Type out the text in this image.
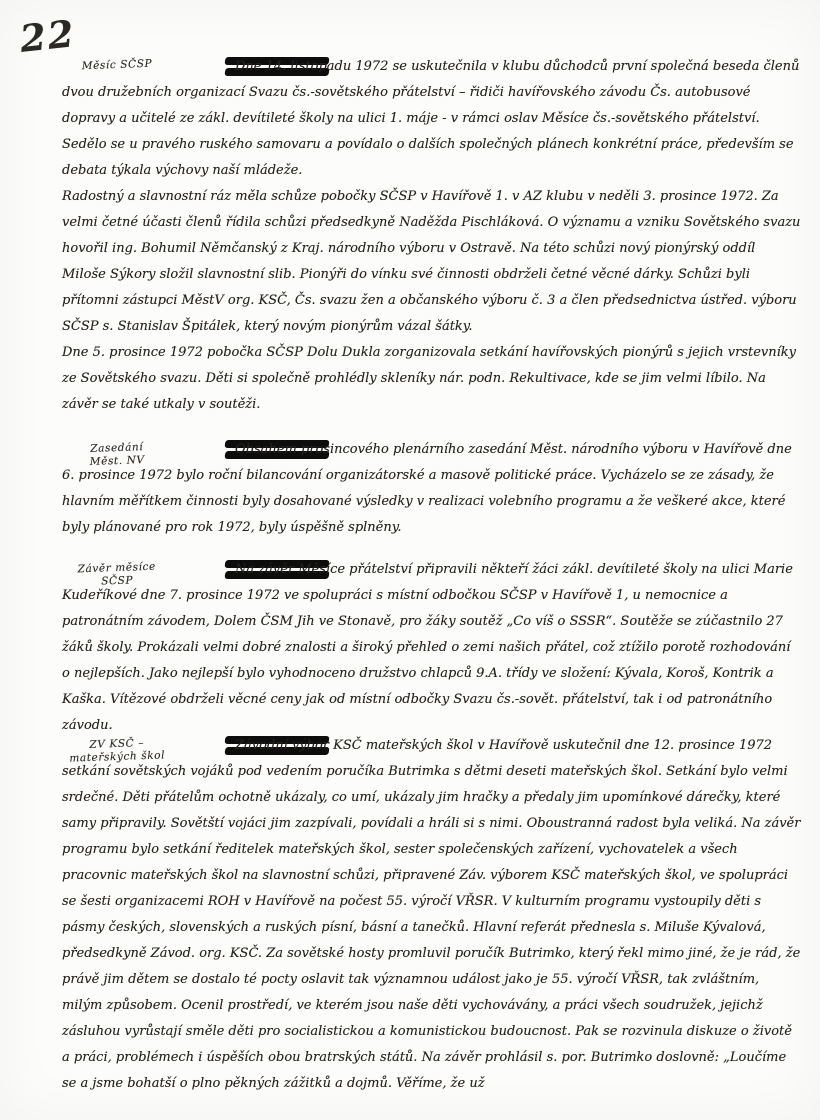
22
Měsíc SČSP	Dne 14. listopadu 1972 se uskutečnila v klubu důchodců první společná beseda členů dvou družebních organizací Svazu čs.-sovětského přátelství – řidiči havířovského závodu Čs. autobusové dopravy a učitelé ze zákl. devítileté školy na ulici 1. máje - v rámci oslav Měsíce čs.-sovětského přátelství. Sedělo se u pravého ruského samovaru a povídalo o dalších společných plánech konkrétní práce, především se debata týkala výchovy naší mládeže.

Radostný a slavnostní ráz měla schůze pobočky SČSP v Havířově 1. v AZ klubu v neděli 3. prosince 1972. Za velmi četné účasti členů řídila schůzi předsedkyně Naděžda Pischláková. O významu a vzniku Sovětského svazu hovořil ing. Bohumil Němčanský z Kraj. národního výboru v Ostravě. Na této schůzi nový pionýrský oddíl Miloše Sýkory složil slavnostní slib. Pionýři do vínku své činnosti obdrželi četné věcné dárky. Schůzi byli přítomni zástupci MěstV org. KSČ, Čs. svazu žen a občanského výboru č. 3 a člen předsednictva ústřed. výboru SČSP s. Stanislav Špitálek, který novým pionýrům vázal šátky.

Dne 5. prosince 1972 pobočka SČSP Dolu Dukla zorganizovala setkání havířovských pionýrů s jejich vrstevníky ze Sovětského svazu. Děti si společně prohlédly skleníky nár. podn. Rekultivace, kde se jim velmi líbilo. Na závěr se také utkaly v soutěži.

Zasedání
Měst. NV

Obsahem prosincového plenárního zasedání Měst. národního výboru v Havířově dne 6. prosince 1972 bylo roční bilancování organizátorské a masově politické práce. Vycházelo se ze zásady, že hlavním měřítkem činnosti byly dosahované výsledky v realizaci volebního programu a že veškeré akce, které byly plánované pro rok 1972, byly úspěšně splněny.

Závěr měsíce
SČSP

Na závěr Měsíce přátelství připravili někteří žáci zákl. devítileté školy na ulici Marie Kudeříkové dne 7. prosince 1972 ve spolupráci s místní odbočkou SČSP v Havířově 1, u nemocnice a patronátním závodem, Dolem ČSM Jih ve Stonavě, pro žáky soutěž „Co víš o SSSR“. Soutěže se zúčastnilo 27 žáků školy. Prokázali velmi dobré znalosti a široký přehled o zemi našich přátel, což ztížilo porotě rozhodování o nejlepších. Jako nejlepší bylo vyhodnoceno družstvo chlapců 9.A. třídy ve složení: Kývala, Koroš, Kontrik a Kaška. Vítězové obdrželi věcné ceny jak od místní odbočky Svazu čs.-sovět. přátelství, tak i od patronátního závodu.

ZV KSČ –
mateřských škol

Závodní výbor KSČ mateřských škol v Havířově uskutečnil dne 12. prosince 1972 setkání sovětských vojáků pod vedením poručíka Butrimka s dětmi deseti mateřských škol. Setkání bylo velmi srdečné. Děti přátelům ochotně ukázaly, co umí, ukázaly jim hračky a předaly jim upomínkové dárečky, které samy připravily. Sovětští vojáci jim zazpívali, povídali a hráli si s nimi. Oboustranná radost byla veliká. Na závěr programu bylo setkání ředitelek mateřských škol, sester společenských zařízení, vychovatelek a všech pracovnic mateřských škol na slavnostní schůzi, připravené Záv. výborem KSČ mateřských škol, ve spolupráci se šesti organizacemi ROH v Havířově na počest 55. výročí VŘSR. V kulturním programu vystoupily děti s pásmy českých, slovenských a ruských písní, básní a tanečků. Hlavní referát přednesla s. Miluše Kývalová, předsedkyně Závod. org. KSČ. Za sovětské hosty promluvil poručík Butrimko, který řekl mimo jiné, že je rád, že právě jim dětem se dostalo té pocty oslavit tak významnou událost jako je 55. výročí VŘSR, tak zvláštním, milým způsobem. Ocenil prostředí, ve kterém jsou naše děti vychovávány, a práci všech soudružek, jejichž zásluhou vyrůstají směle děti pro socialistickou a komunistickou budoucnost. Pak se rozvinula diskuze o životě a práci, problémech i úspěších obou bratrských států. Na závěr prohlásil s. por. Butrimko doslovně: „Loučíme se a jsme bohatší o plno pěkných zážitků a dojmů. Věříme, že už
